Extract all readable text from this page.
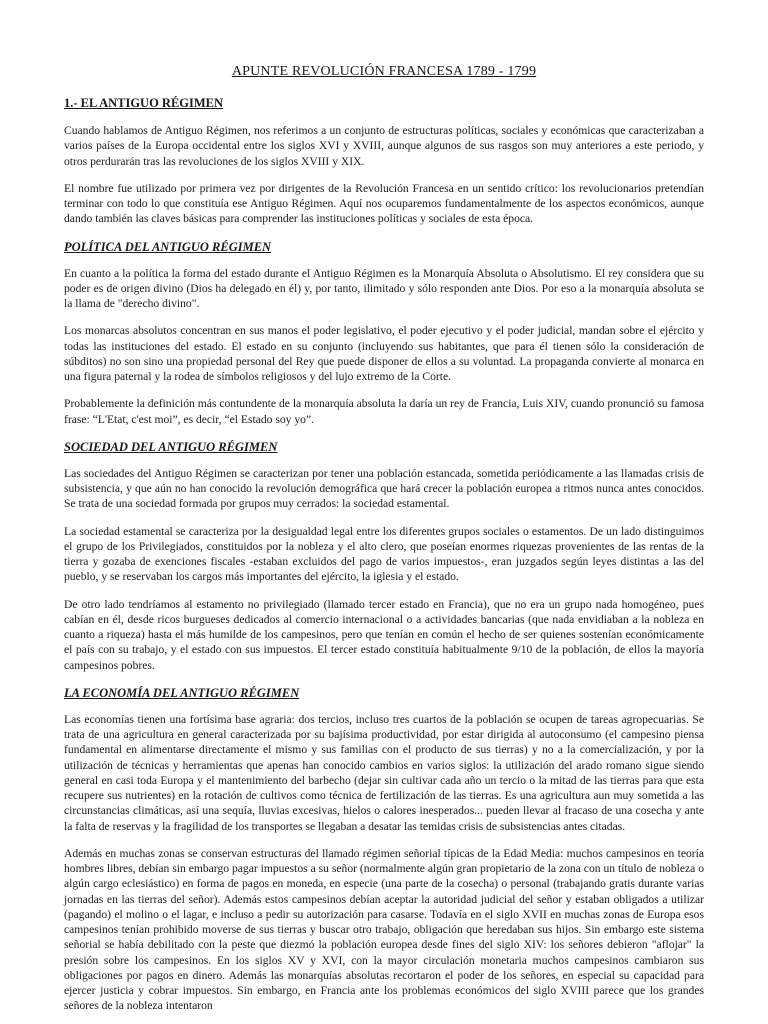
APUNTE REVOLUCIÓN FRANCESA 1789 - 1799
1.- EL ANTIGUO RÉGIMEN

Cuando hablamos de Antiguo Régimen, nos referimos a un conjunto de estructuras políticas, sociales y económicas que caracterizaban a varios países de la Europa occidental entre los siglos XVI y XVIII, aunque algunos de sus rasgos son muy anteriores a este periodo, y otros perdurarán tras las revoluciones de los siglos XVIII y XIX.

El nombre fue utilizado por primera vez por dirigentes de la Revolución Francesa en un sentido crítico: los revolucionarios pretendían terminar con todo lo que constituía ese Antiguo Régimen. Aquí nos ocuparemos fundamentalmente de los aspectos económicos, aunque dando también las claves básicas para comprender las instituciones políticas y sociales de esta época.

POLÍTICA DEL ANTIGUO RÉGIMEN

En cuanto a la política la forma del estado durante el Antiguo Régimen es la Monarquía Absoluta o Absolutismo. El rey considera que su poder es de origen divino (Dios ha delegado en él) y, por tanto, ilimitado y sólo responden ante Dios. Por eso a la monarquía absoluta se la llama de "derecho divino".

Los monarcas absolutos concentran en sus manos el poder legislativo, el poder ejecutivo y el poder judicial, mandan sobre el ejército y todas las instituciones del estado. El estado en su conjunto (incluyendo sus habitantes, que para él tienen sólo la consideración de súbditos) no son sino una propiedad personal del Rey que puede disponer de ellos a su voluntad. La propaganda convierte al monarca en una figura paternal y la rodea de símbolos religiosos y del lujo extremo de la Corte.

Probablemente la definición más contundente de la monarquía absoluta la daría un rey de Francia, Luis XIV, cuando pronunció su famosa frase: “L'Etat, c'est moi”, es decir, “el Estado soy yo”.

SOCIEDAD DEL ANTIGUO RÉGIMEN

Las sociedades del Antiguo Régimen se caracterizan por tener una población estancada, sometida periódicamente a las llamadas crisis de subsistencia, y que aún no han conocido la revolución demográfica que hará crecer la población europea a ritmos nunca antes conocidos. Se trata de una sociedad formada por grupos muy cerrados: la sociedad estamental.

La sociedad estamental se caracteriza por la desigualdad legal entre los diferentes grupos sociales o estamentos. De un lado distinguimos el grupo de los Privilegiados, constituidos por la nobleza y el alto clero, que poseían enormes riquezas provenientes de las rentas de la tierra y gozaba de exenciones fiscales -estaban excluidos del pago de varios impuestos-, eran juzgados según leyes distintas a las del pueblo, y se reservaban los cargos más importantes del ejército, la iglesia y el estado.

De otro lado tendríamos al estamento no privilegiado (llamado tercer estado en Francia), que no era un grupo nada homogéneo, pues cabían en él, desde ricos burgueses dedicados al comercio internacional o a actividades bancarias (que nada envidiaban a la nobleza en cuanto a riqueza) hasta el más humilde de los campesinos, pero que tenían en común el hecho de ser quienes sostenían económicamente el país con su trabajo, y el estado con sus impuestos. El tercer estado constituía habitualmente 9/10 de la población, de ellos la mayoría campesinos pobres.

LA ECONOMÍA DEL ANTIGUO RÉGIMEN

Las economías tienen una fortísima base agraria: dos tercios, incluso tres cuartos de la población se ocupen de tareas agropecuarias. Se trata de una agricultura en general caracterizada por su bajísima productividad, por estar dirigida al autoconsumo (el campesino piensa fundamental en alimentarse directamente el mismo y sus familias con el producto de sus tierras) y no a la comercialización, y por la utilización de técnicas y herramientas que apenas han conocido cambios en varios siglos: la utilización del arado romano sigue siendo general en casi toda Europa y el mantenimiento del barbecho (dejar sin cultivar cada año un tercio o la mitad de las tierras para que esta recupere sus nutrientes) en la rotación de cultivos como técnica de fertilización de las tierras. Es una agricultura aun muy sometida a las circunstancias climáticas, así una sequía, lluvias excesivas, hielos o calores inesperados... pueden llevar al fracaso de una cosecha y ante la falta de reservas y la fragilidad de los transportes se llegaban a desatar las temidas crisis de subsistencias antes citadas.

Además en muchas zonas se conservan estructuras del llamado régimen señorial típicas de la Edad Media: muchos campesinos en teoría hombres libres, debían sin embargo pagar impuestos a su señor (normalmente algún gran propietario de la zona con un título de nobleza o algún cargo eclesiástico) en forma de pagos en moneda, en especie (una parte de la cosecha) o personal (trabajando gratis durante varias jornadas en las tierras del señor). Además estos campesinos debían aceptar la autoridad judicial del señor y estaban obligados a utilizar (pagando) el molino o el lagar, e incluso a pedir su autorización para casarse. Todavía en el siglo XVII en muchas zonas de Europa esos campesinos tenían prohibido moverse de sus tierras y buscar otro trabajo, obligación que heredaban sus hijos. Sin embargo este sistema señorial se había debilitado con la peste que diezmó la población europea desde fines del siglo XIV: los señores debieron "aflojar" la presión sobre los campesinos. En los siglos XV y XVI, con la mayor circulación monetaria muchos campesinos cambiaron sus obligaciones por pagos en dinero. Además las monarquías absolutas recortaron el poder de los señores, en especial su capacidad para ejercer justicia y cobrar impuestos. Sin embargo, en Francia ante los problemas económicos del siglo XVIII parece que los grandes señores de la nobleza intentaron
